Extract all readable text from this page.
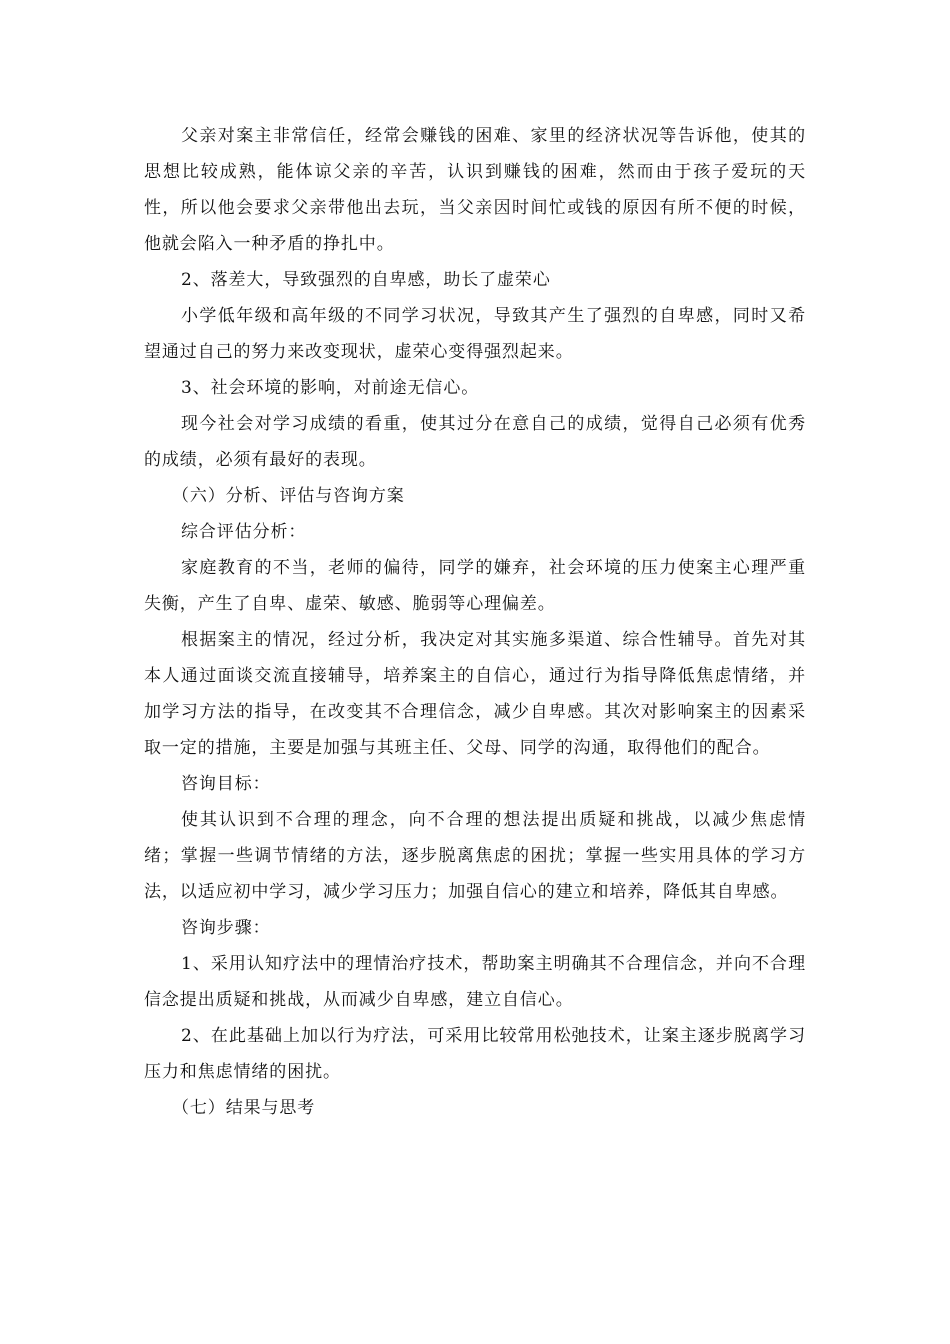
父亲对案主非常信任，经常会赚钱的困难、家里的经济状况等告诉他，使其的思想比较成熟，能体谅父亲的辛苦，认识到赚钱的困难，然而由于孩子爱玩的天性，所以他会要求父亲带他出去玩，当父亲因时间忙或钱的原因有所不便的时候，他就会陷入一种矛盾的挣扎中。

2、落差大，导致强烈的自卑感，助长了虚荣心

小学低年级和高年级的不同学习状况，导致其产生了强烈的自卑感，同时又希望通过自己的努力来改变现状，虚荣心变得强烈起来。

3、社会环境的影响，对前途无信心。

现今社会对学习成绩的看重，使其过分在意自己的成绩，觉得自己必须有优秀的成绩，必须有最好的表现。

（六）分析、评估与咨询方案

综合评估分析：

家庭教育的不当，老师的偏待，同学的嫌弃，社会环境的压力使案主心理严重失衡，产生了自卑、虚荣、敏感、脆弱等心理偏差。

根据案主的情况，经过分析，我决定对其实施多渠道、综合性辅导。首先对其本人通过面谈交流直接辅导，培养案主的自信心，通过行为指导降低焦虑情绪，并加学习方法的指导，在改变其不合理信念，减少自卑感。其次对影响案主的因素采取一定的措施，主要是加强与其班主任、父母、同学的沟通，取得他们的配合。

咨询目标：

使其认识到不合理的理念，向不合理的想法提出质疑和挑战，以减少焦虑情绪；掌握一些调节情绪的方法，逐步脱离焦虑的困扰；掌握一些实用具体的学习方法，以适应初中学习，减少学习压力；加强自信心的建立和培养，降低其自卑感。

咨询步骤：

1、采用认知疗法中的理情治疗技术，帮助案主明确其不合理信念，并向不合理信念提出质疑和挑战，从而减少自卑感，建立自信心。

2、在此基础上加以行为疗法，可采用比较常用松弛技术，让案主逐步脱离学习压力和焦虑情绪的困扰。

（七）结果与思考
